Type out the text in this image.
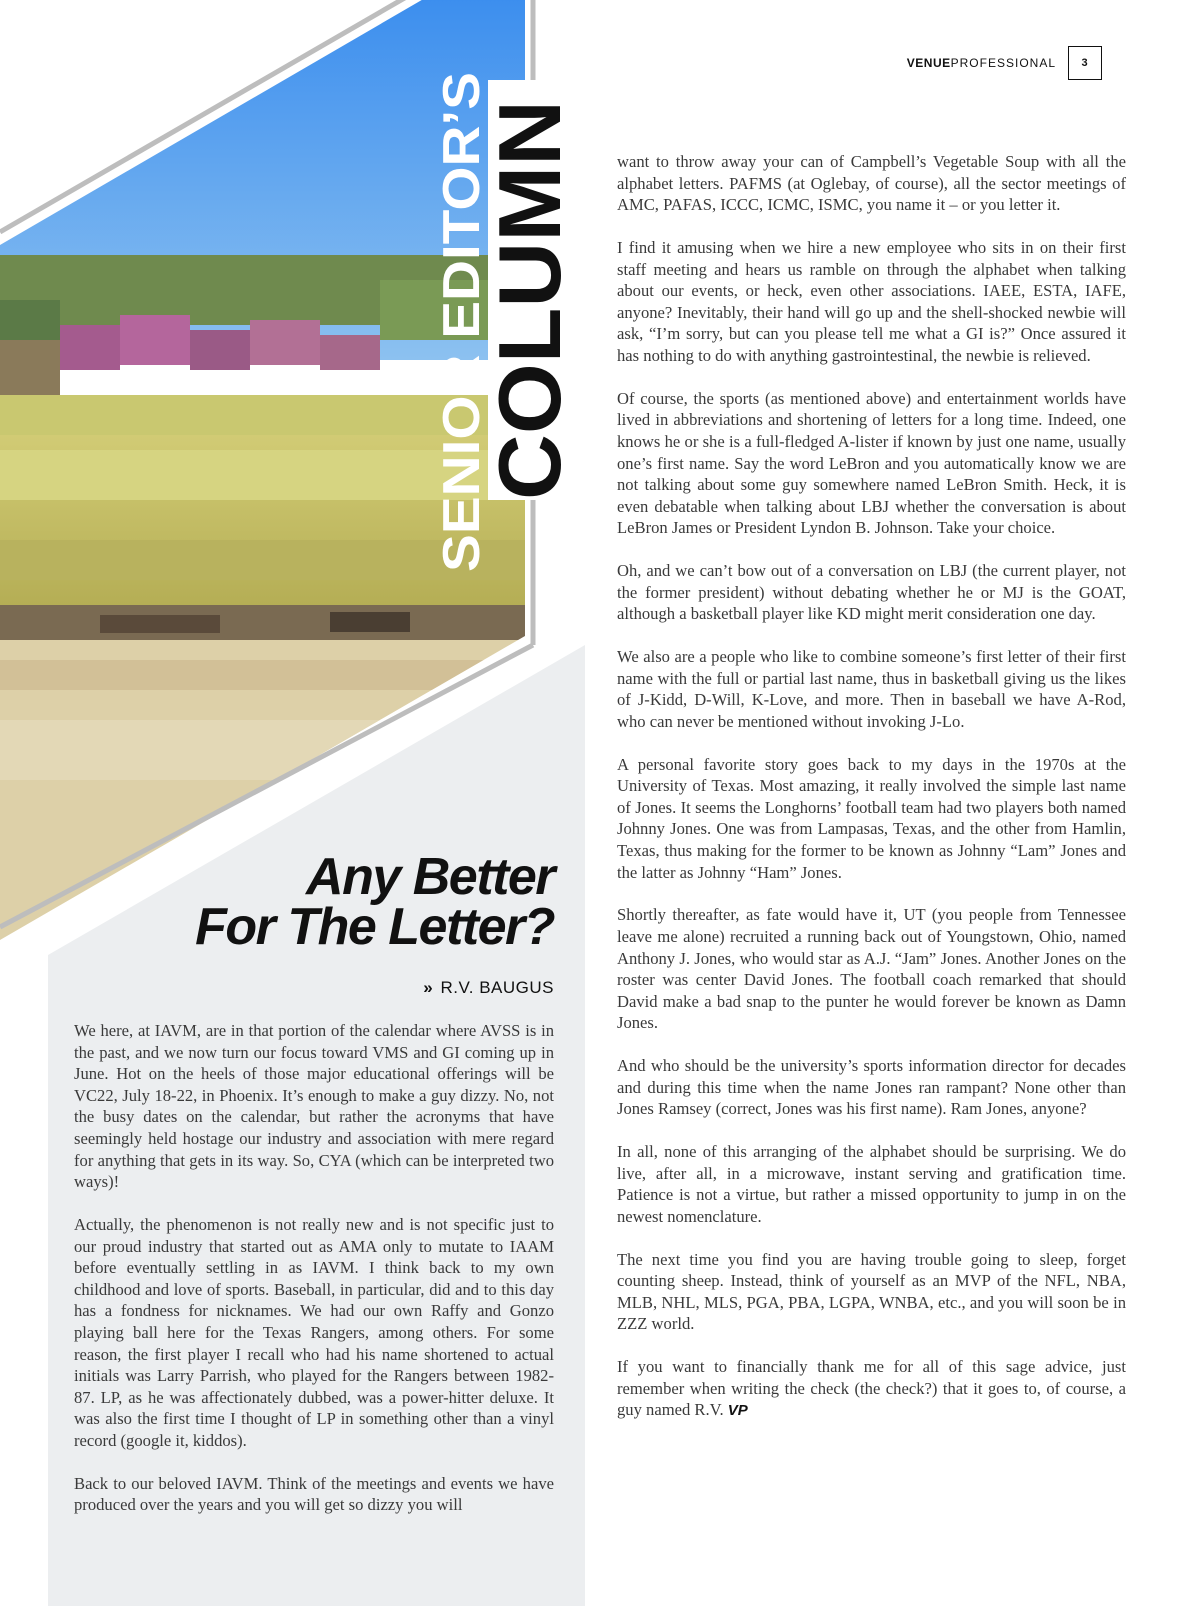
SENIOR EDITOR’S
COLUMN
VENUEPROFESSIONAL	3
Any Better
For The Letter?
» R.V. BAUGUS

We here, at IAVM, are in that portion of the calendar where AVSS is in the past, and we now turn our focus toward VMS and GI coming up in June. Hot on the heels of those major educational offerings will be VC22, July 18-22, in Phoenix. It’s enough to make a guy dizzy. No, not the busy dates on the calendar, but rather the acronyms that have seemingly held hostage our industry and association with mere regard for anything that gets in its way. So, CYA (which can be interpreted two ways)!

Actually, the phenomenon is not really new and is not specific just to our proud industry that started out as AMA only to mutate to IAAM before eventually settling in as IAVM. I think back to my own childhood and love of sports. Baseball, in particular, did and to this day has a fondness for nicknames. We had our own Raffy and Gonzo playing ball here for the Texas Rangers, among others. For some reason, the first player I recall who had his name shortened to actual initials was Larry Parrish, who played for the Rangers between 1982-87. LP, as he was affectionately dubbed, was a power-hitter deluxe. It was also the first time I thought of LP in something other than a vinyl record (google it, kiddos).

Back to our beloved IAVM. Think of the meetings and events we have produced over the years and you will get so dizzy you will

want to throw away your can of Campbell’s Vegetable Soup with all the alphabet letters. PAFMS (at Oglebay, of course), all the sector meetings of AMC, PAFAS, ICCC, ICMC, ISMC, you name it – or you letter it.

I find it amusing when we hire a new employee who sits in on their first staff meeting and hears us ramble on through the alphabet when talking about our events, or heck, even other associations. IAEE, ESTA, IAFE, anyone? Inevitably, their hand will go up and the shell-shocked newbie will ask, “I’m sorry, but can you please tell me what a GI is?” Once assured it has nothing to do with anything gastrointestinal, the newbie is relieved.

Of course, the sports (as mentioned above) and entertainment worlds have lived in abbreviations and shortening of letters for a long time. Indeed, one knows he or she is a full-fledged A-lister if known by just one name, usually one’s first name. Say the word LeBron and you automatically know we are not talking about some guy somewhere named LeBron Smith. Heck, it is even debatable when talking about LBJ whether the conversation is about LeBron James or President Lyndon B. Johnson. Take your choice.

Oh, and we can’t bow out of a conversation on LBJ (the current player, not the former president) without debating whether he or MJ is the GOAT, although a basketball player like KD might merit consideration one day.

We also are a people who like to combine someone’s first letter of their first name with the full or partial last name, thus in basketball giving us the likes of J-Kidd, D-Will, K-Love, and more. Then in baseball we have A-Rod, who can never be mentioned without invoking J-Lo.

A personal favorite story goes back to my days in the 1970s at the University of Texas. Most amazing, it really involved the simple last name of Jones. It seems the Longhorns’ football team had two players both named Johnny Jones. One was from Lampasas, Texas, and the other from Hamlin, Texas, thus making for the former to be known as Johnny “Lam” Jones and the latter as Johnny “Ham” Jones.

Shortly thereafter, as fate would have it, UT (you people from Tennessee leave me alone) recruited a running back out of Youngstown, Ohio, named Anthony J. Jones, who would star as A.J. “Jam” Jones. Another Jones on the roster was center David Jones. The football coach remarked that should David make a bad snap to the punter he would forever be known as Damn Jones.

And who should be the university’s sports information director for decades and during this time when the name Jones ran rampant? None other than Jones Ramsey (correct, Jones was his first name). Ram Jones, anyone?

In all, none of this arranging of the alphabet should be surprising. We do live, after all, in a microwave, instant serving and gratification time. Patience is not a virtue, but rather a missed opportunity to jump in on the newest nomenclature.

The next time you find you are having trouble going to sleep, forget counting sheep. Instead, think of yourself as an MVP of the NFL, NBA, MLB, NHL, MLS, PGA, PBA, LGPA, WNBA, etc., and you will soon be in ZZZ world.

If you want to financially thank me for all of this sage advice, just remember when writing the check (the check?) that it goes to, of course, a guy named R.V. VP
